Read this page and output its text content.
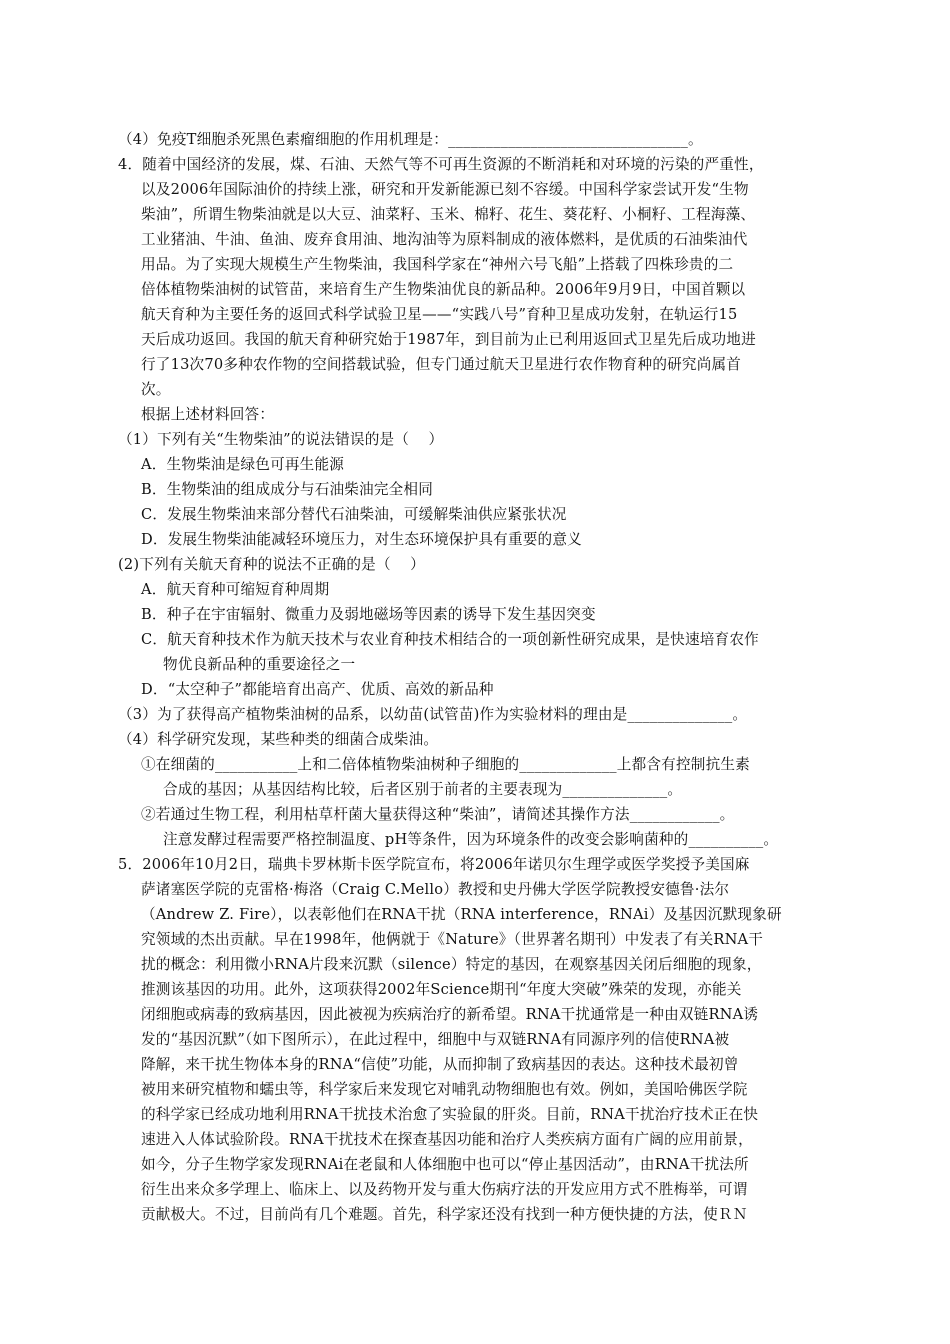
（4）免疫T细胞杀死黑色素瘤细胞的作用机理是：________________________________。
4．随着中国经济的发展，煤、石油、天然气等不可再生资源的不断消耗和对环境的污染的严重性，
以及2006年国际油价的持续上涨，研究和开发新能源已刻不容缓。中国科学家尝试开发“生物
柴油”，所谓生物柴油就是以大豆、油菜籽、玉米、棉籽、花生、葵花籽、小桐籽、工程海藻、
工业猪油、牛油、鱼油、废弃食用油、地沟油等为原料制成的液体燃料，是优质的石油柴油代
用品。为了实现大规模生产生物柴油，我国科学家在“神州六号飞船”上搭载了四株珍贵的二
倍体植物柴油树的试管苗，来培育生产生物柴油优良的新品种。2006年9月9日，中国首颗以
航天育种为主要任务的返回式科学试验卫星——“实践八号”育种卫星成功发射，在轨运行15
天后成功返回。我国的航天育种研究始于1987年，到目前为止已利用返回式卫星先后成功地进
行了13次70多种农作物的空间搭载试验，但专门通过航天卫星进行农作物育种的研究尚属首
次。
根据上述材料回答：
（1）下列有关“生物柴油”的说法错误的是（    ）
A．生物柴油是绿色可再生能源
B．生物柴油的组成成分与石油柴油完全相同
C．发展生物柴油来部分替代石油柴油，可缓解柴油供应紧张状况
D．发展生物柴油能减轻环境压力，对生态环境保护具有重要的意义
(2)下列有关航天育种的说法不正确的是（    ）
A．航天育种可缩短育种周期
B．种子在宇宙辐射、微重力及弱地磁场等因素的诱导下发生基因突变
C．航天育种技术作为航天技术与农业育种技术相结合的一项创新性研究成果，是快速培育农作
物优良新品种的重要途径之一
D．“太空种子”都能培育出高产、优质、高效的新品种
（3）为了获得高产植物柴油树的品系，以幼苗(试管苗)作为实验材料的理由是______________。
（4）科学研究发现，某些种类的细菌合成柴油。
①在细菌的___________上和二倍体植物柴油树种子细胞的_____________上都含有控制抗生素
合成的基因；从基因结构比较，后者区别于前者的主要表现为______________。
②若通过生物工程，利用枯草杆菌大量获得这种“柴油”，请简述其操作方法____________。
注意发酵过程需要严格控制温度、pH等条件，因为环境条件的改变会影响菌种的__________。
5．2006年10月2日，瑞典卡罗林斯卡医学院宣布，将2006年诺贝尔生理学或医学奖授予美国麻
萨诸塞医学院的克雷格·梅洛（Craig C.Mello）教授和史丹佛大学医学院教授安德鲁·法尔
（Andrew Z. Fire），以表彰他们在RNA干扰（RNA interference，RNAi）及基因沉默现象研
究领域的杰出贡献。早在1998年，他俩就于《Nature》（世界著名期刊）中发表了有关RNA干
扰的概念：利用微小RNA片段来沉默（silence）特定的基因，在观察基因关闭后细胞的现象，
推测该基因的功用。此外，这项获得2002年Science期刊“年度大突破”殊荣的发现，亦能关
闭细胞或病毒的致病基因，因此被视为疾病治疗的新希望。RNA干扰通常是一种由双链RNA诱
发的“基因沉默”（如下图所示），在此过程中，细胞中与双链RNA有同源序列的信使RNA被
降解，来干扰生物体本身的RNA“信使”功能，从而抑制了致病基因的表达。这种技术最初曾
被用来研究植物和蠕虫等，科学家后来发现它对哺乳动物细胞也有效。例如，美国哈佛医学院
的科学家已经成功地利用RNA干扰技术治愈了实验鼠的肝炎。目前，RNA干扰治疗技术正在快
速进入人体试验阶段。RNA干扰技术在探查基因功能和治疗人类疾病方面有广阔的应用前景，
如今，分子生物学家发现RNAi在老鼠和人体细胞中也可以“停止基因活动”，由RNA干扰法所
衍生出来众多学理上、临床上、以及药物开发与重大伤病疗法的开发应用方式不胜梅举，可谓
贡献极大。不过，目前尚有几个难题。首先，科学家还没有找到一种方便快捷的方法，使ＲＮ
